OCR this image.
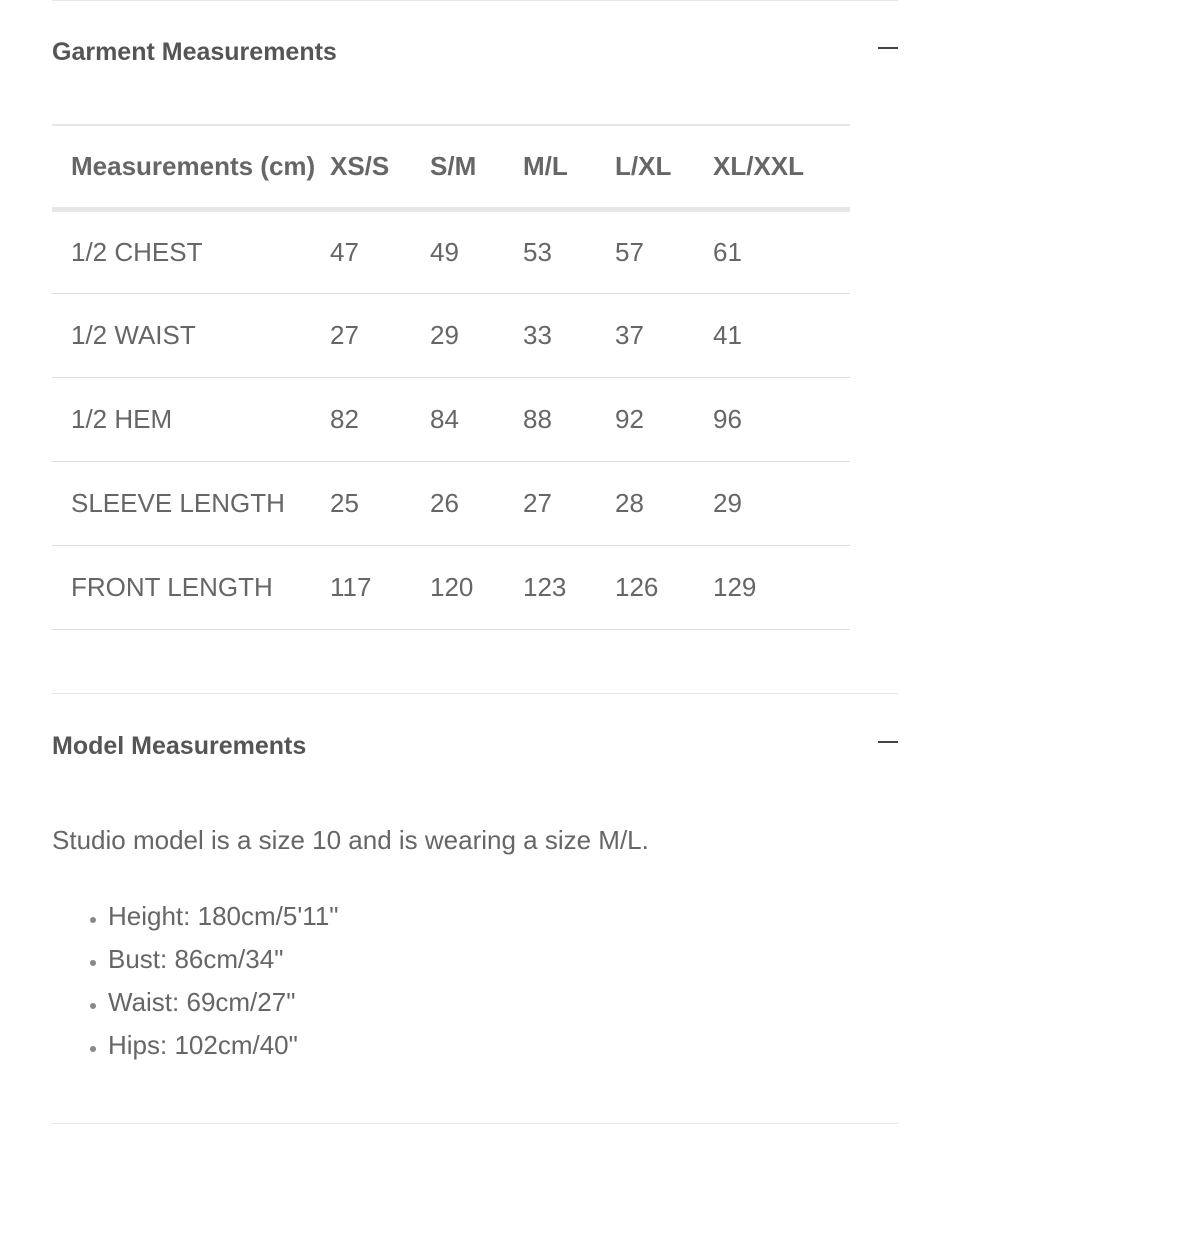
Garment Measurements
Measurements (cm)	XS/S	S/M	M/L	L/XL	XL/XXL
1/2 CHEST	47	49	53	57	61
1/2 WAIST	27	29	33	37	41
1/2 HEM	82	84	88	92	96
SLEEVE LENGTH	25	26	27	28	29
FRONT LENGTH	117	120	123	126	129
Model Measurements

Studio model is a size 10 and is wearing a size M/L.

• Height: 180cm/5'11"
• Bust: 86cm/34"
• Waist: 69cm/27"
• Hips: 102cm/40"
